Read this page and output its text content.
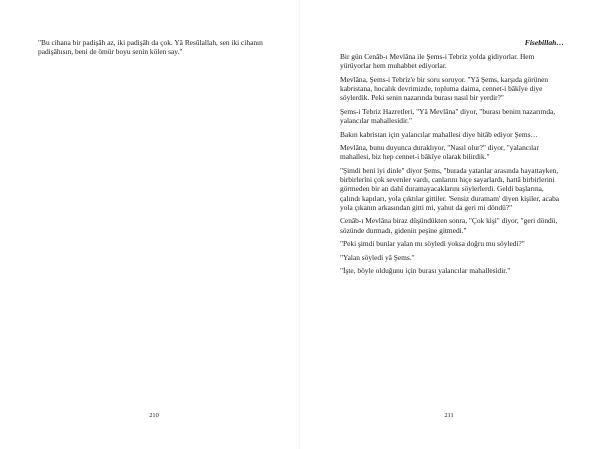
"Bu cihana bir padişâh az, iki padişâh da çok. Yâ Resûlallah, sen iki cihanın padişâhısın, beni de ömür boyu senin kölen say."

210
Fisebillah…

Bir gün Cenâb-ı Mevlâna ile Şems-i Tebriz yolda gidiyorlar. Hem yürüyorlar hem muhabbet ediyorlar.

Mevlâna, Şems-i Tebriz'e bir soru soruyor. "Yâ Şems, karşıda görünen kabristana, hocalık devrimizde, topluma daima, cennet-i bâkîye diye söylerdik. Peki senin nazarında burası nasıl bir yerdir?"

Şems-i Tebriz Hazretleri, "Yâ Mevlâna" diyor, "burası benim nazarımda, yalancılar mahallesidir."

Bakın kabristan için yalancılar mahallesi diye hitâb ediyor Şems…

Mevlâna, bunu duyunca duraklıyor, "Nasıl olur?" diyor, "yalancılar mahallesi, biz hep cennet-i bâkîye olarak bilirdik."

"Şimdi beni iyi dinle" diyor Şems, "burada yatanlar arasında hayattayken, birbirlerini çok sevenler vardı, canlarını hiçe sayarlardı, hattâ birbirlerini görmeden bir an dahî duramayacaklarını söylerlerdi. Geldi başlarına, çalındı kapıları, yola çıktılar gittiler. 'Sensiz duramam' diyen kişiler, acaba yola çıkanın arkasından gitti mi, yahut da geri mi döndü?"

Cenâb-ı Mevlâna biraz düşündükten sonra, "Çok kişi" diyor, "geri döndü, sözünde durmadı, gidenin peşine gitmedi."

"Peki şimdi bunlar yalan mı söyledi yoksa doğru mu söyledi?"

"Yalan söyledi yâ Şems."

"İşte, böyle olduğunu için burası yalancılar mahallesidir."

211
